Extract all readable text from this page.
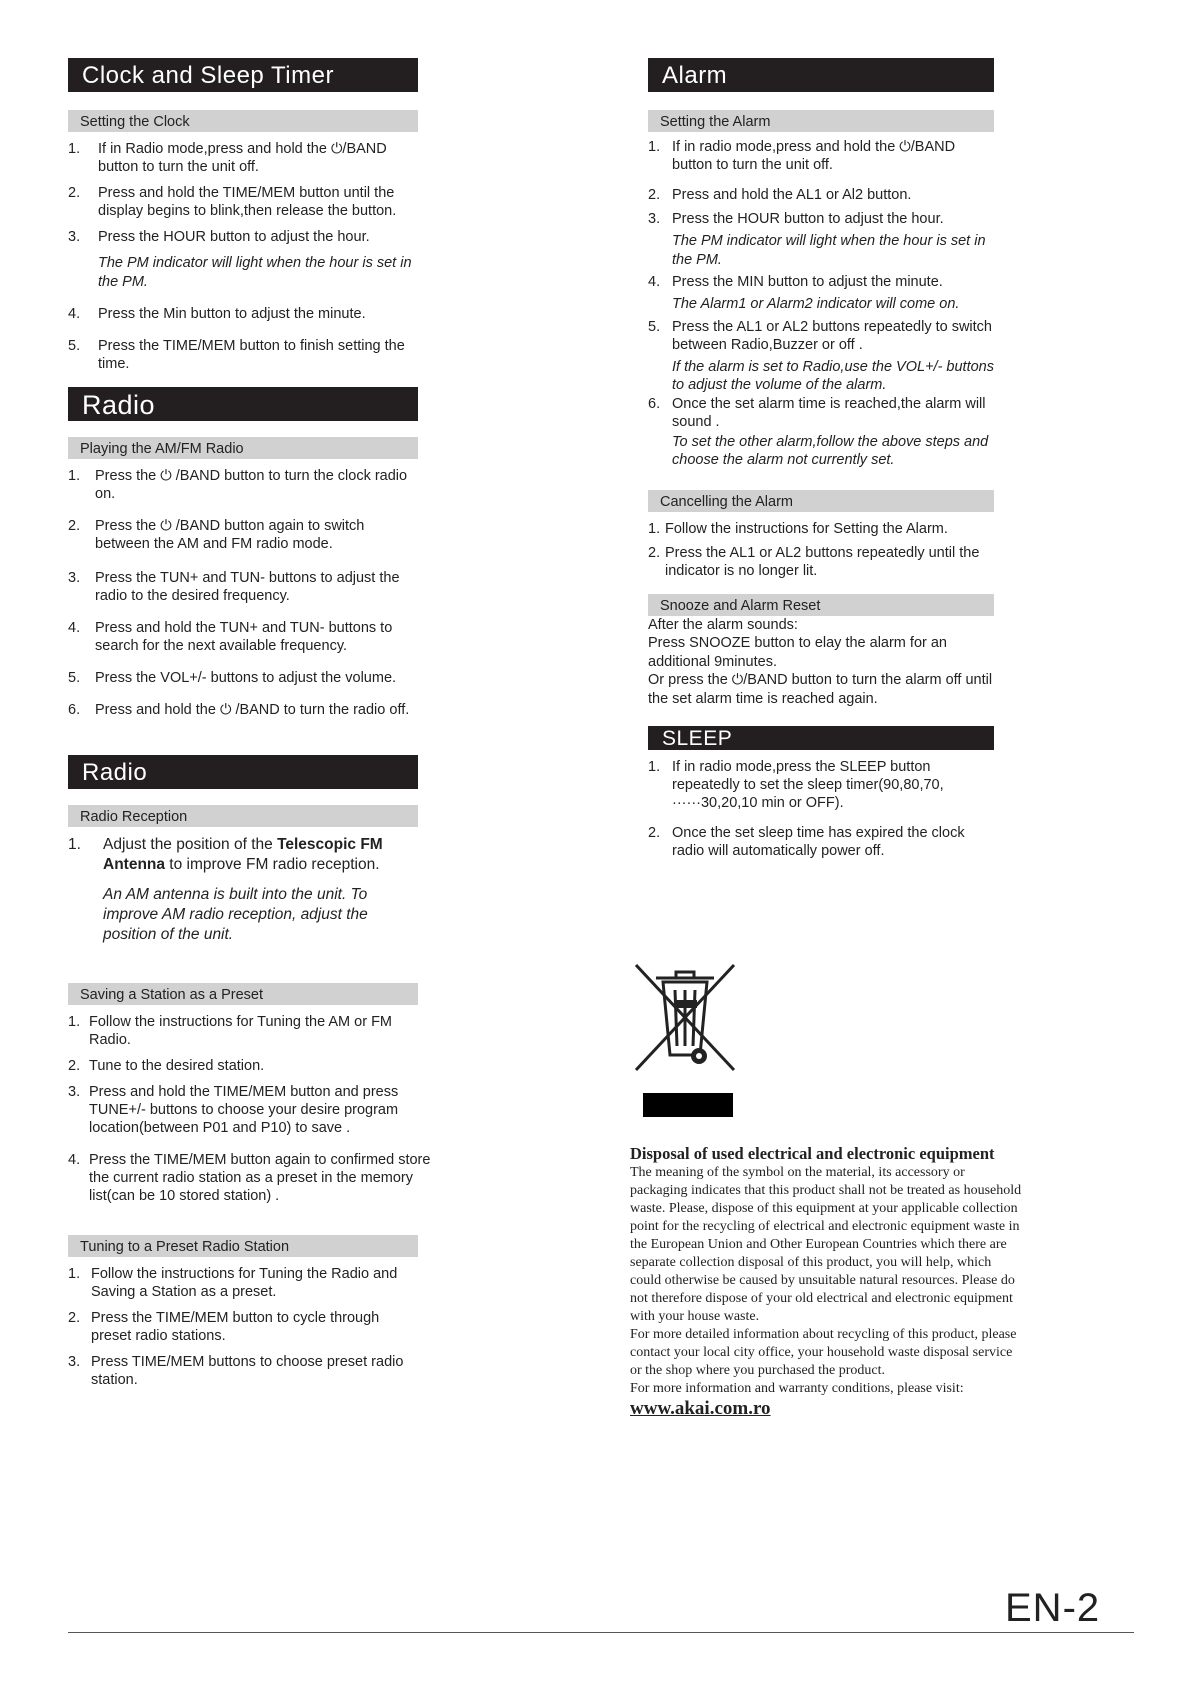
Clock and Sleep Timer
Setting the Clock
1. If in Radio mode,press and hold the ⏻/BAND button to turn the unit off.
2. Press and hold the TIME/MEM button until the display begins to blink,then release the button.
3. Press the HOUR button to adjust the hour.
The PM indicator will light when the hour is set in the PM.
4. Press the Min button to adjust the minute.
5. Press the TIME/MEM button to finish setting the time.
Radio
Playing the AM/FM Radio
1. Press the ⏻ /BAND button to turn the clock radio on.
2. Press the ⏻ /BAND button again to switch between the AM and FM radio mode.
3. Press the TUN+ and TUN- buttons to adjust the radio to the desired frequency.
4. Press and hold the TUN+ and TUN- buttons to search for the next available frequency.
5. Press the VOL+/- buttons to adjust the volume.
6. Press and hold the ⏻ /BAND to turn the radio off.
Radio
Radio Reception
1. Adjust the position of the Telescopic FM Antenna to improve FM radio reception.
An AM antenna is built into the unit. To improve AM radio reception, adjust the position of the unit.
Saving a Station as a Preset
1. Follow the instructions for Tuning the AM or FM Radio.
2. Tune to the desired station.
3. Press and hold the TIME/MEM button and press TUNE+/- buttons to choose your desire program location(between P01 and P10) to save .
4. Press the TIME/MEM button again to confirmed store the current radio station as a preset in the memory list(can be 10 stored station) .
Tuning to a Preset Radio Station
1. Follow the instructions for Tuning the Radio and Saving a Station as a preset.
2. Press the TIME/MEM button to cycle through preset radio stations.
3. Press TIME/MEM buttons to choose preset radio station.
Alarm
Setting the Alarm
1. If in radio mode,press and hold the ⏻/BAND button to turn the unit off.
2. Press and hold the AL1 or Al2 button.
3. Press the HOUR button to adjust the hour.
The PM indicator will light when the hour is set in the PM.
4. Press the MIN button to adjust the minute.
The Alarm1 or Alarm2 indicator will come on.
5. Press the AL1 or AL2 buttons repeatedly to switch between Radio,Buzzer or off .
If the alarm is set to Radio,use the VOL+/- buttons to adjust the volume of the alarm.
6. Once the set alarm time is reached,the alarm will sound .
To set the other alarm,follow the above steps and choose the alarm not currently set.
Cancelling the Alarm
1. Follow the instructions for Setting the Alarm.
2. Press the AL1 or AL2 buttons repeatedly until the indicator is no longer lit.
Snooze and Alarm Reset
After the alarm sounds:
Press SNOOZE button to elay the alarm for an additional 9minutes.
Or press the ⏻/BAND button to turn the alarm off until the set alarm time is reached again.
SLEEP
1. If in radio mode,press the SLEEP button repeatedly to set the sleep timer(90,80,70, ······30,20,10 min or OFF).
2. Once the set sleep time has expired the clock radio will automatically power off.
Disposal of used electrical and electronic equipment
The meaning of the symbol on the material, its accessory or packaging indicates that this product shall not be treated as household waste. Please, dispose of this equipment at your applicable collection point for the recycling of electrical and electronic equipment waste in the European Union and Other European Countries which there are separate collection disposal of this product, you will help, which could otherwise be caused by unsuitable natural resources. Please do not therefore dispose of your old electrical and electronic equipment with your house waste.
For more detailed information about recycling of this product, please contact your local city office, your household waste disposal service or the shop where you purchased the product.
For more information and warranty conditions, please visit:
www.akai.com.ro
EN-2
